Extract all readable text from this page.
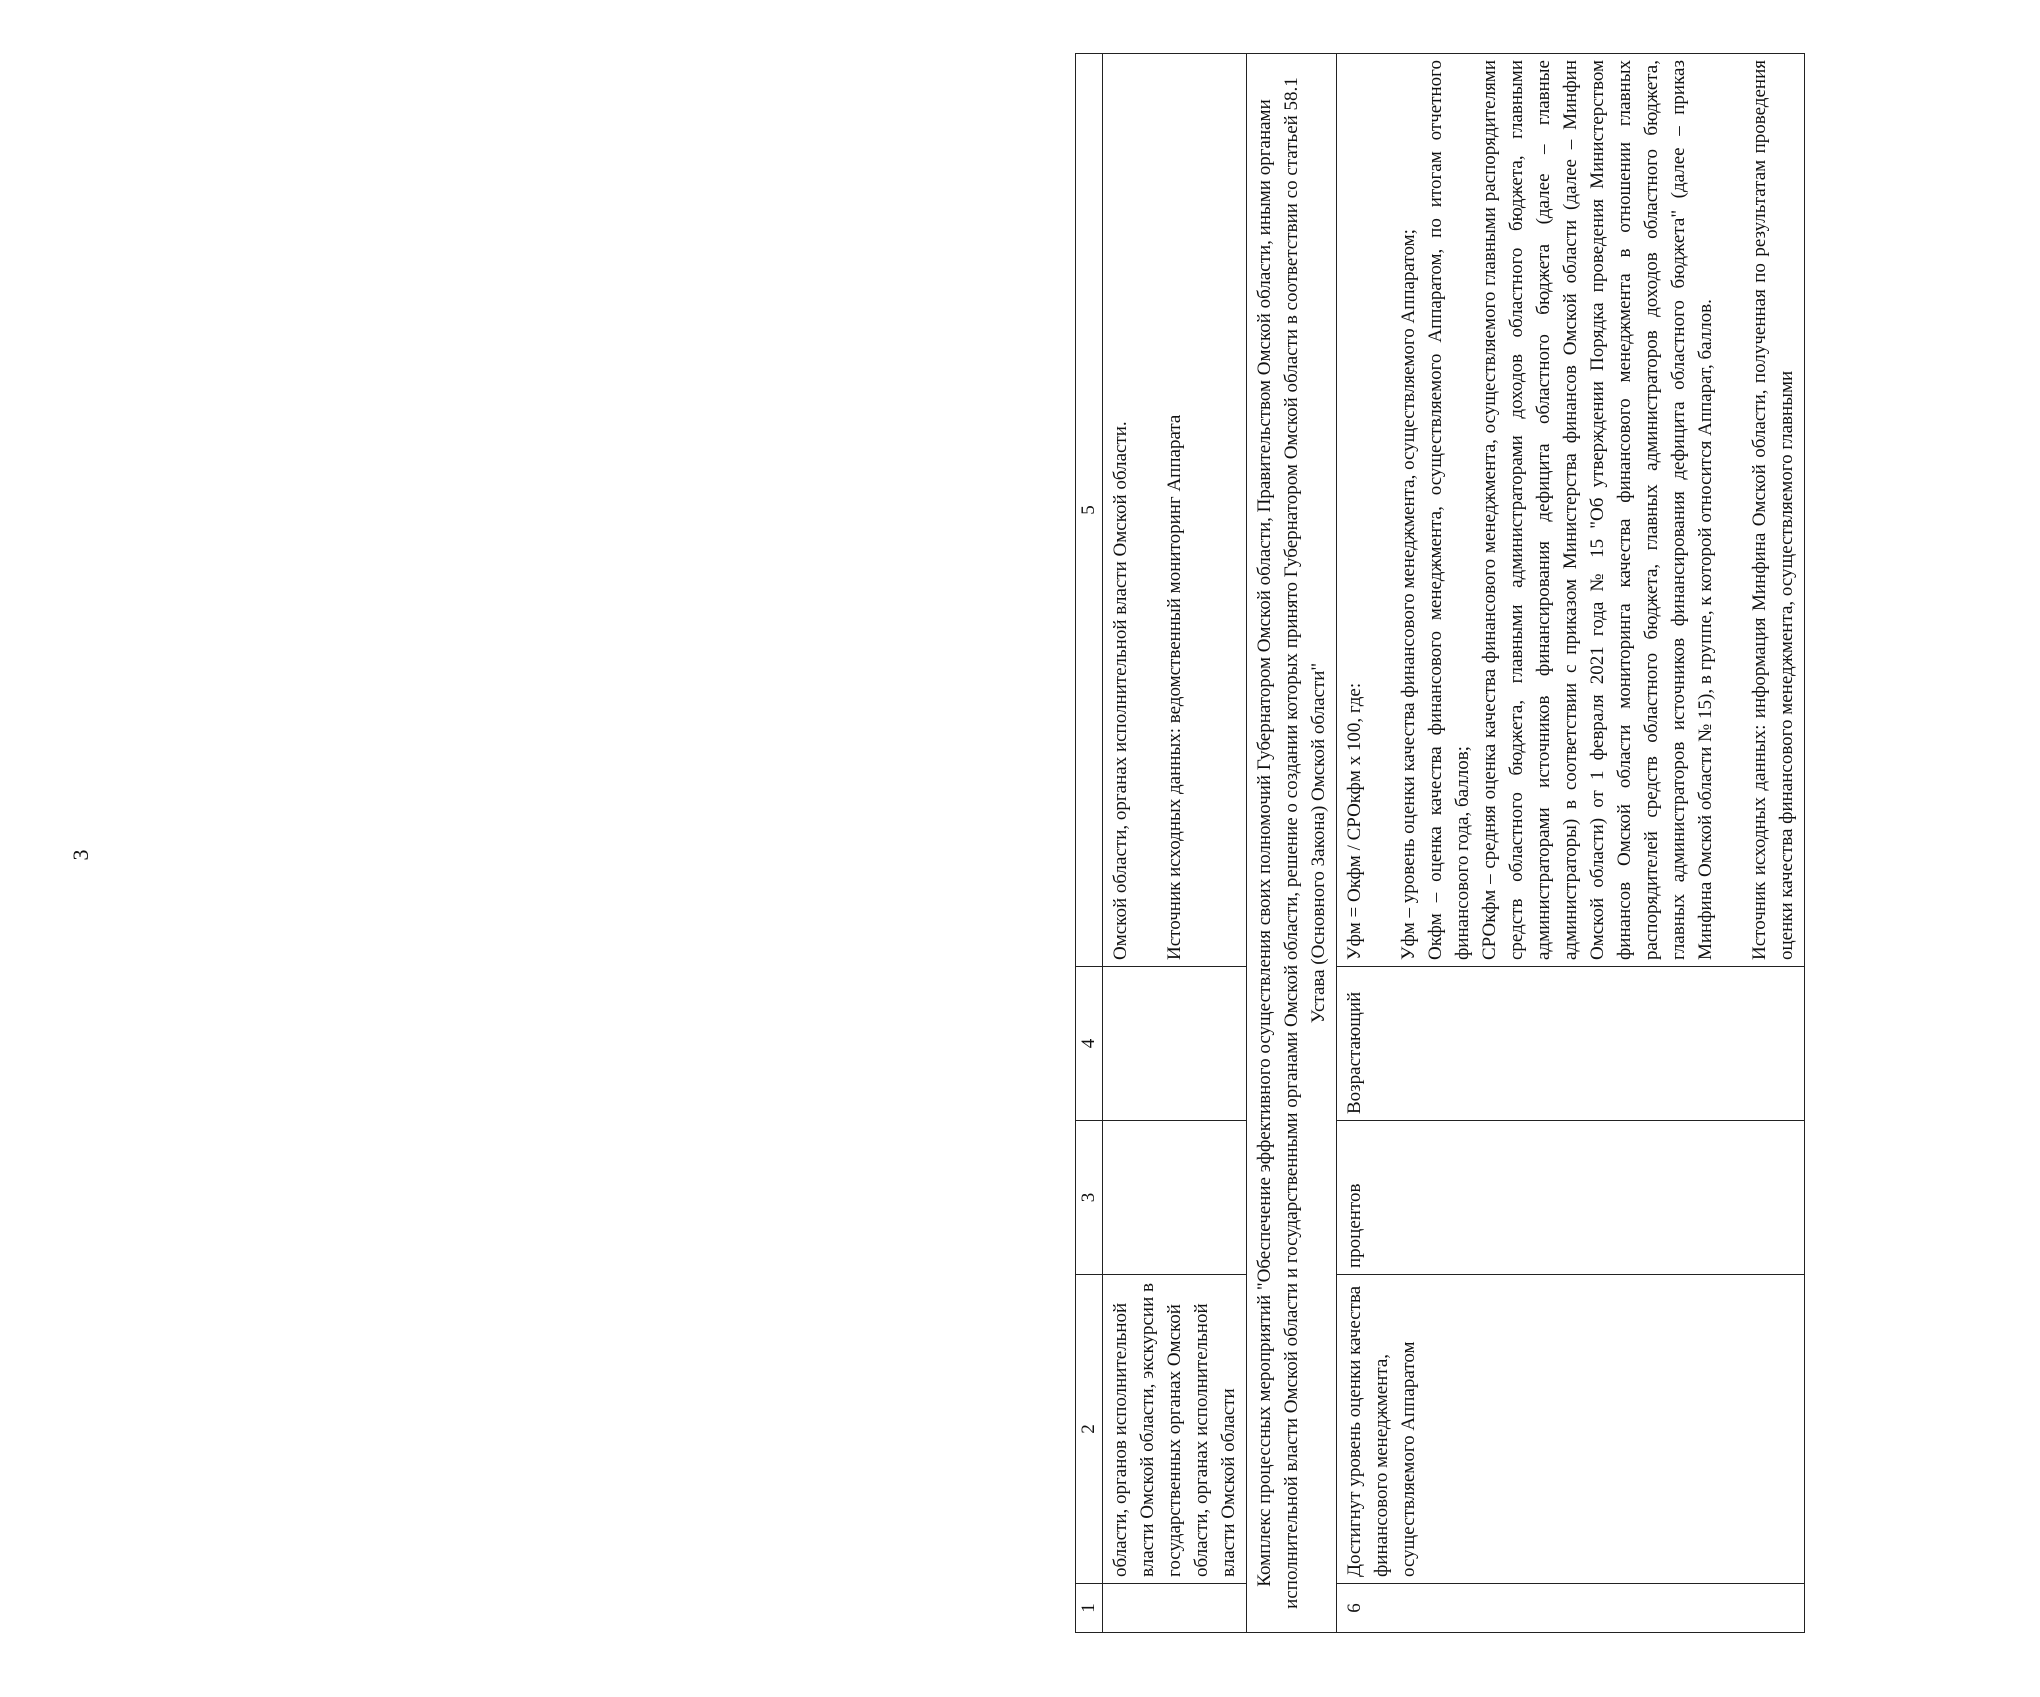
3
1	2	3	4	5
	области, органов исполнительной власти Омской области, экскурсии в государственных органах Омской области, органах исполнительной власти Омской области			Омской области, органах исполнительной власти Омской области. Источник исходных данных: ведомственный мониторинг Аппарата

Комплекс процессных мероприятий "Обеспечение эффективного осуществления своих полномочий Губернатором Омской области, Правительством Омской области, иными органами исполнительной власти Омской области и государственными органами Омской области, решение о создании которых принято Губернатором Омской области в соответствии со статьей 58.1 Устава (Основного Закона) Омской области"				
6	Достигнут уровень оценки качества финансового менеджмента, осуществляемого Аппаратом	процентов	Возрастающий	Уфм = Окфм / СРОкфм х 100, где: Уфм – уровень оценки качества финансового менеджмента, осуществляемого Аппаратом; Окфм – оценка качества финансового менеджмента, осуществляемого Аппаратом, по итогам отчетного финансового года, баллов; СРОкфм – средняя оценка качества финансового менеджмента, осуществляемого главными распорядителями средств областного бюджета, главными администраторами доходов областного бюджета, главными администраторами источников финансирования дефицита областного бюджета (далее – главные администраторы) в соответствии с приказом Министерства финансов Омской области (далее – Минфин Омской области) от 1 февраля 2021 года № 15 "Об утверждении Порядка проведения Министерством финансов Омской области мониторинга качества финансового менеджмента в отношении главных распорядителей средств областного бюджета, главных администраторов доходов областного бюджета, главных администраторов источников финансирования дефицита областного бюджета" (далее – приказ Минфина Омской области № 15), в группе, к которой относится Аппарат, баллов. Источник исходных данных: информация Минфина Омской области, полученная по результатам проведения оценки качества финансового менеджмента, осуществляемого главными
